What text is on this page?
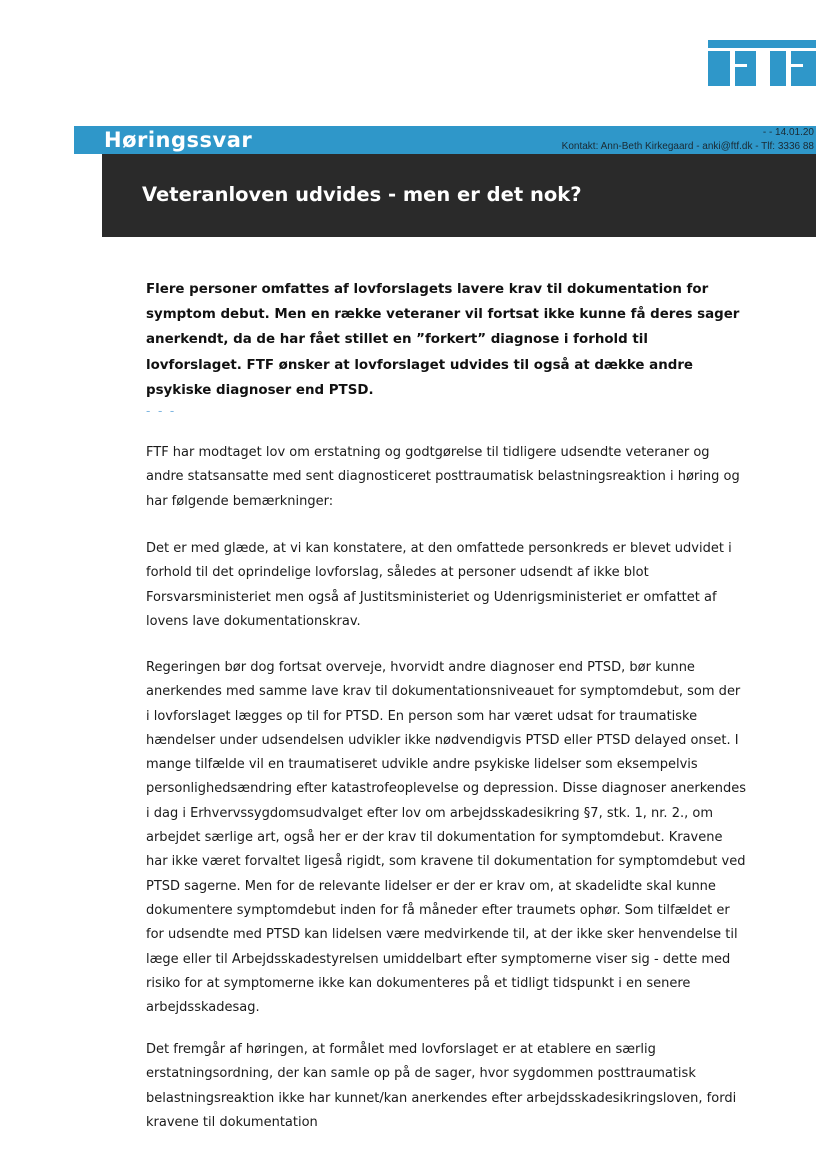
FTF
Høringssvar	- - 14.01.20
Kontakt: Ann-Beth Kirkegaard - anki@ftf.dk - Tlf: 3336 88
Veteranloven udvides - men er det nok?

Flere personer omfattes af lovforslagets lavere krav til dokumentation for symptom debut. Men en række veteraner vil fortsat ikke kunne få deres sager anerkendt, da de har fået stillet en ”forkert” diagnose i forhold til lovforslaget. FTF ønsker at lovforslaget udvides til også at dække andre psykiske diagnoser end PTSD.

- - -

FTF har modtaget lov om erstatning og godtgørelse til tidligere udsendte veteraner og andre statsansatte med sent diagnosticeret posttraumatisk belastningsreaktion i høring og har følgende bemærkninger:

Det er med glæde, at vi kan konstatere, at den omfattede personkreds er blevet udvidet i forhold til det oprindelige lovforslag, således at personer udsendt af ikke blot Forsvarsministeriet men også af Justitsministeriet og Udenrigsministeriet er omfattet af lovens lave dokumentationskrav.

Regeringen bør dog fortsat overveje, hvorvidt andre diagnoser end PTSD, bør kunne anerkendes med samme lave krav til dokumentationsniveauet for symptomdebut, som der i lovforslaget lægges op til for PTSD. En person som har været udsat for traumatiske hændelser under udsendelsen udvikler ikke nødvendigvis PTSD eller PTSD delayed onset. I mange tilfælde vil en traumatiseret udvikle andre psykiske lidelser som eksempelvis personlighedsændring efter katastrofeoplevelse og depression. Disse diagnoser anerkendes i dag i Erhvervssygdomsudvalget efter lov om arbejdsskadesikring §7, stk. 1, nr. 2., om arbejdet særlige art, også her er der krav til dokumentation for symptomdebut. Kravene har ikke været forvaltet ligeså rigidt, som kravene til dokumentation for symptomdebut ved PTSD sagerne. Men for de relevante lidelser er der er krav om, at skadelidte skal kunne dokumentere symptomdebut inden for få måneder efter traumets ophør. Som tilfældet er for udsendte med PTSD kan lidelsen være medvirkende til, at der ikke sker henvendelse til læge eller til Arbejdsskadestyrelsen umiddelbart efter symptomerne viser sig - dette med risiko for at symptomerne ikke kan dokumenteres på et tidligt tidspunkt i en senere arbejdsskadesag.

Det fremgår af høringen, at formålet med lovforslaget er at etablere en særlig erstatningsordning, der kan samle op på de sager, hvor sygdommen posttraumatisk belastningsreaktion ikke har kunnet/kan anerkendes efter arbejdsskadesikringsloven, fordi kravene til dokumentation
